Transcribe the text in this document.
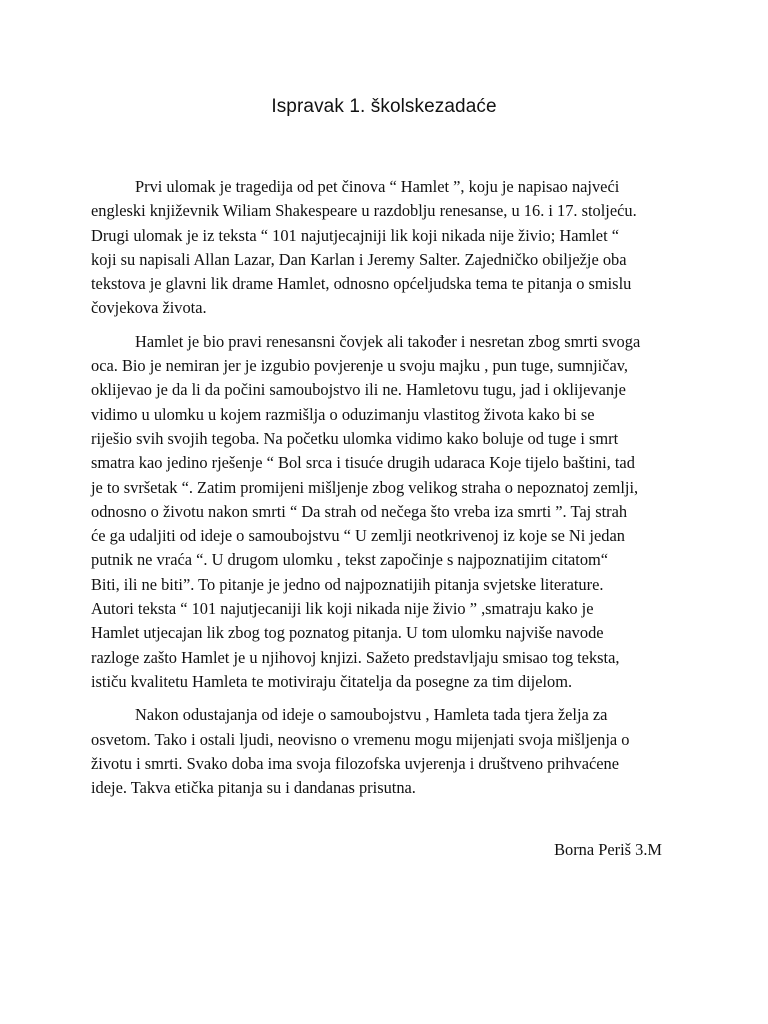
Ispravak 1. školskezadaće

Prvi ulomak je tragedija od pet činova “ Hamlet ”, koju je napisao najveći
engleski književnik Wiliam Shakespeare u razdoblju renesanse, u 16. i 17. stoljeću.
Drugi ulomak je iz teksta “ 101 najutjecajniji lik koji nikada nije živio; Hamlet “
koji su napisali Allan Lazar, Dan Karlan i Jeremy Salter. Zajedničko obilježje oba
tekstova je glavni lik drame Hamlet, odnosno općeljudska tema te pitanja o smislu
čovjekova života.

Hamlet je bio pravi renesansni čovjek ali također i nesretan zbog smrti svoga
oca. Bio je nemiran jer je izgubio povjerenje u svoju majku , pun tuge, sumnjičav,
oklijevao je da li da počini samoubojstvo ili ne. Hamletovu tugu, jad i oklijevanje
vidimo u ulomku u kojem razmišlja o oduzimanju vlastitog života kako bi se
riješio svih svojih tegoba. Na početku ulomka vidimo kako boluje od tuge i smrt
smatra kao jedino rješenje “ Bol srca i tisuće drugih udaraca Koje tijelo baštini, tad
je to svršetak “. Zatim promijeni mišljenje zbog velikog straha o nepoznatoj zemlji,
odnosno o životu nakon smrti “ Da strah od nečega što vreba iza smrti ”. Taj strah
će ga udaljiti od ideje o samoubojstvu “ U zemlji neotkrivenoj iz koje se Ni jedan
putnik ne vraća “. U drugom ulomku , tekst započinje s najpoznatijim citatom“
Biti, ili ne biti”. To pitanje je jedno od najpoznatijih pitanja svjetske literature.
Autori teksta “ 101 najutjecaniji lik koji nikada nije živio ” ,smatraju kako je
Hamlet utjecajan lik zbog tog poznatog pitanja. U tom ulomku najviše navode
razloge zašto Hamlet je u njihovoj knjizi. Sažeto predstavljaju smisao tog teksta,
ističu kvalitetu Hamleta te motiviraju čitatelja da posegne za tim dijelom.

Nakon odustajanja od ideje o samoubojstvu , Hamleta tada tjera želja za
osvetom. Tako i ostali ljudi, neovisno o vremenu mogu mijenjati svoja mišljenja o
životu i smrti. Svako doba ima svoja filozofska uvjerenja i društveno prihvaćene
ideje. Takva etička pitanja su i dandanas prisutna.

Borna Periš 3.M
